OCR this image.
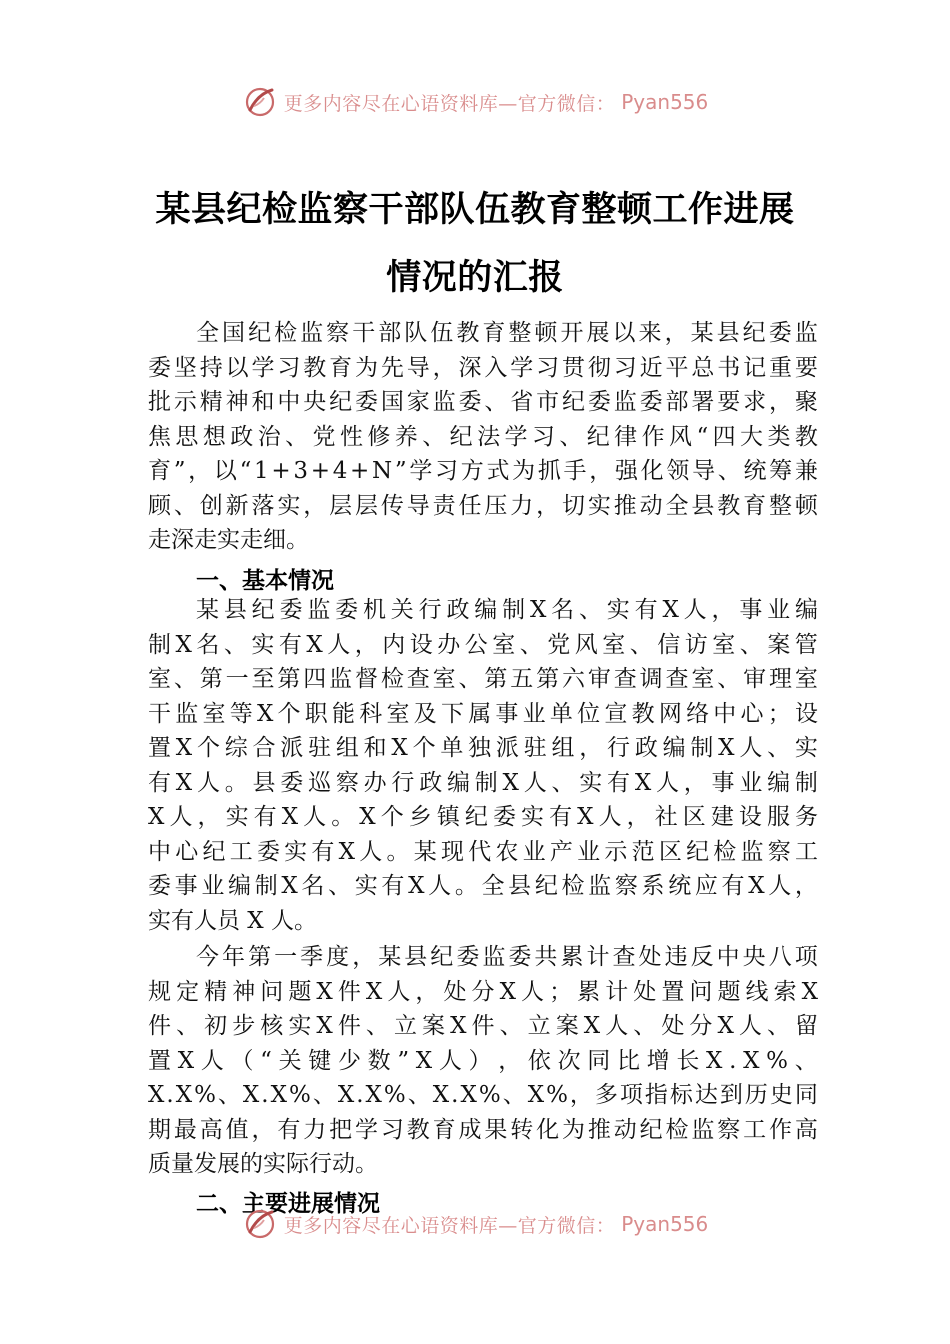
更多内容尽在心语资料库—官方微信： Pyan556
某县纪检监察干部队伍教育整顿工作进展
情况的汇报
全 国 纪 检 监 察 干 部 队 伍 教 育 整 顿 开 展 以 来 ， 某 县 纪 委 监
委 坚 持 以 学 习 教 育 为 先 导 ， 深 入 学 习 贯 彻 习 近 平 总 书 记 重 要
批 示 精 神 和 中 央 纪 委 国 家 监 委 、 省 市 纪 委 监 委 部 署 要 求 ， 聚
焦 思 想 政 治 、 党 性 修 养 、 纪 法 学 习 、 纪 律 作 风 “ 四 大 类 教
育 ” ， 以 “ 1 + 3 + 4 + N ” 学 习 方 式 为 抓 手 ， 强 化 领 导 、 统 筹 兼
顾 、 创 新 落 实 ， 层 层 传 导 责 任 压 力 ， 切 实 推 动 全 县 教 育 整 顿
走深走实走细。
一、基本情况
某 县 纪 委 监 委 机 关 行 政 编 制 X 名 、 实 有 X 人 ， 事 业 编
制 X 名 、 实 有 X 人 ， 内 设 办 公 室 、 党 风 室 、 信 访 室 、 案 管
室 、 第 一 至 第 四 监 督 检 查 室 、 第 五 第 六 审 查 调 查 室 、 审 理 室
干 监 室 等 X 个 职 能 科 室 及 下 属 事 业 单 位 宣 教 网 络 中 心 ； 设
置 X 个 综 合 派 驻 组 和 X 个 单 独 派 驻 组 ， 行 政 编 制 X 人 、 实
有 X 人 。 县 委 巡 察 办 行 政 编 制 X 人 、 实 有 X 人 ， 事 业 编 制
X 人 ， 实 有 X 人 。 X 个 乡 镇 纪 委 实 有 X 人 ， 社 区 建 设 服 务
中 心 纪 工 委 实 有 X 人 。 某 现 代 农 业 产 业 示 范 区 纪 检 监 察 工
委 事 业 编 制 X 名 、 实 有 X 人 。 全 县 纪 检 监 察 系 统 应 有 X 人 ，
实有人员 X 人。
今 年 第 一 季 度 ， 某 县 纪 委 监 委 共 累 计 查 处 违 反 中 央 八 项
规 定 精 神 问 题 X 件 X 人 ， 处 分 X 人 ； 累 计 处 置 问 题 线 索 X
件 、 初 步 核 实 X 件 、 立 案 X 件 、 立 案 X 人 、 处 分 X 人 、 留
置 X 人 （ “ 关 键 少 数 ” X 人 ） ， 依 次 同 比 增 长 X . X % 、
X . X % 、 X . X % 、 X . X % 、 X . X % 、 X % ， 多 项 指 标 达 到 历 史 同
期 最 高 值 ， 有 力 把 学 习 教 育 成 果 转 化 为 推 动 纪 检 监 察 工 作 高
质量发展的实际行动。
二、主要进展情况
更多内容尽在心语资料库—官方微信： Pyan556
